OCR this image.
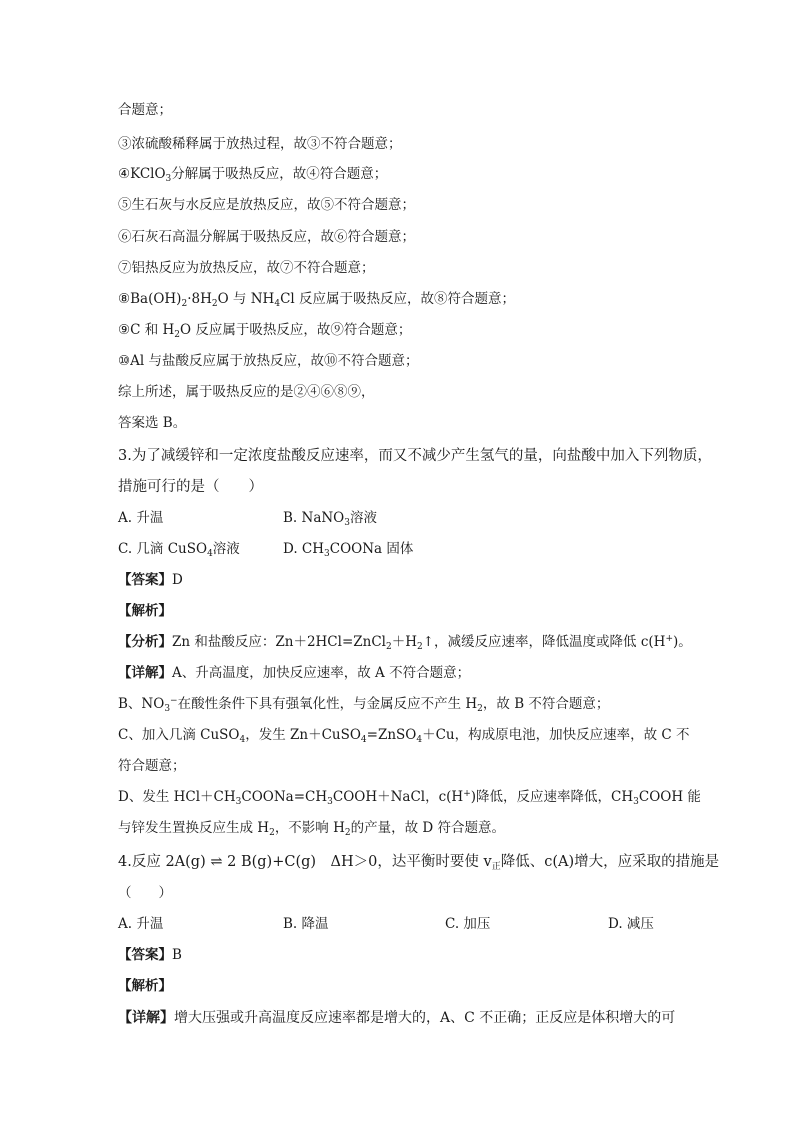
合题意；
③浓硫酸稀释属于放热过程，故③不符合题意；
④KClO$_3$分解属于吸热反应，故④符合题意；
⑤生石灰与水反应是放热反应，故⑤不符合题意；
⑥石灰石高温分解属于吸热反应，故⑥符合题意；
⑦铝热反应为放热反应，故⑦不符合题意；
$⑧Ba(OH)_2\cdot 8H_2O$ 与 $NH_4Cl$ 反应属于吸热反应，故⑧符合题意；
⑨C 和 $H_2O$ 反应属于吸热反应，故⑨符合题意；
⑩Al 与盐酸反应属于放热反应，故⑩不符合题意；
综上所述，属于吸热反应的是②④⑥⑧⑨，
答案选 B。
3.为了减缓锌和一定浓度盐酸反应速率，而又不减少产生氢气的量，向盐酸中加入下列物质，
措施可行的是（　　）
A. 升温	B. NaNO$_3$溶液
C. 几滴 CuSO$_4$溶液	D. $CH_3COONa$ 固体
【答案】D
【解析】
【分析】Zn 和盐酸反应：$Zn+2HCl=ZnCl_2+H_2↑$，减缓反应速率，降低温度或降低 c(H+)。
【详解】A、升高温度，加快反应速率，故 A 不符合题意；
B、$NO_3^-$在酸性条件下具有强氧化性，与金属反应不产生 $H_2$，故 B 不符合题意；
C、加入几滴 CuSO$_4$，发生 Zn＋CuSO$_4$=ZnSO$_4$＋Cu，构成原电池，加快反应速率，故 C 不
符合题意；
D、发生 $HCl+CH_3COONa=CH_3COOH+NaCl$，c(H+)降低，反应速率降低，$CH_3COOH$ 能
与锌发生置换反应生成 $H_2$，不影响 $H_2$的产量，故 D 符合题意。
4.反应 2A(g) ⇌ 2 B(g)+C(g)　ΔH＞0，达平衡时要使 $v_正$降低、c(A)增大，应采取的措施是
（　　）
A. 升温	B. 降温	C. 加压	D. 减压
【答案】B
【解析】
【详解】增大压强或升高温度反应速率都是增大的，A、C 不正确；正反应是体积增大的可
